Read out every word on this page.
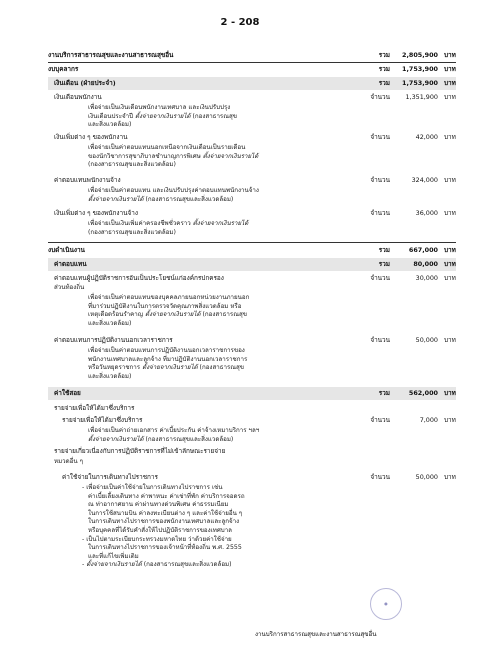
2 - 208
งานบริการสาธารณสุขและงานสาธารณสุขอื่น	รวม	2,805,900 บาท
งบบุคลากร	รวม	1,753,900 บาท
เงินเดือน (ฝ่ายประจำ)	รวม	1,753,900 บาท
เงินเดือนพนักงาน	จำนวน	1,351,900 บาท
เพื่อจ่ายเป็นเงินเดือนพนักงานเทศบาล และเงินปรับปรุง
เงินเดือนประจำปี ตั้งจ่ายจากเงินรายได้ (กองสาธารณสุข
และสิ่งแวดล้อม)
เงินเพิ่มต่าง ๆ ของพนักงาน	จำนวน	42,000 บาท
เพื่อจ่ายเป็นค่าตอบแทนนอกเหนือจากเงินเดือนเป็นรายเดือน
ของนักวิชาการสุขาภิบาลชำนาญการพิเศษ ตั้งจ่ายจากเงินรายได้
(กองสาธารณสุขและสิ่งแวดล้อม)
ค่าตอบแทนพนักงานจ้าง	จำนวน	324,000 บาท
เพื่อจ่ายเป็นค่าตอบแทน และเงินปรับปรุงค่าตอบแทนพนักงานจ้าง
ตั้งจ่ายจากเงินรายได้ (กองสาธารณสุขและสิ่งแวดล้อม)
เงินเพิ่มต่าง ๆ ของพนักงานจ้าง	จำนวน	36,000 บาท
เพื่อจ่ายเป็นเงินเพิ่มค่าครองชีพชั่วคราว ตั้งจ่ายจากเงินรายได้
(กองสาธารณสุขและสิ่งแวดล้อม)
งบดำเนินงาน	รวม	667,000 บาท
ค่าตอบแทน	รวม	80,000 บาท
ค่าตอบแทนผู้ปฏิบัติราชการอันเป็นประโยชน์แก่องค์กรปกครอง	จำนวน	30,000 บาท
ส่วนท้องถิ่น
เพื่อจ่ายเป็นค่าตอบแทนของบุคคลภายนอกหน่วยงานภายนอก
ที่มาร่วมปฏิบัติงานในการตรวจวัดคุณภาพสิ่งแวดล้อม หรือ
เหตุเดือดร้อนรำคาญ ตั้งจ่ายจากเงินรายได้ (กองสาธารณสุข
และสิ่งแวดล้อม)
ค่าตอบแทนการปฏิบัติงานนอกเวลาราชการ	จำนวน	50,000 บาท
เพื่อจ่ายเป็นค่าตอบแทนการปฏิบัติงานนอกเวลาราชการของ
พนักงานเทศบาลและลูกจ้าง ที่มาปฏิบัติงานนอกเวลาราชการ
หรือวันหยุดราชการ ตั้งจ่ายจากเงินรายได้ (กองสาธารณสุข
และสิ่งแวดล้อม)
ค่าใช้สอย	รวม	562,000 บาท
รายจ่ายเพื่อให้ได้มาซึ่งบริการ
รายจ่ายเพื่อให้ได้มาซึ่งบริการ	จำนวน	7,000 บาท
เพื่อจ่ายเป็นค่าถ่ายเอกสาร ค่าเบี้ยประกัน ค่าจ้างเหมาบริการ ฯลฯ
ตั้งจ่ายจากเงินรายได้ (กองสาธารณสุขและสิ่งแวดล้อม)
รายจ่ายเกี่ยวเนื่องกับการปฏิบัติราชการที่ไม่เข้าลักษณะรายจ่าย
หมวดอื่น ๆ
ค่าใช้จ่ายในการเดินทางไปราชการ	จำนวน	50,000 บาท
- เพื่อจ่ายเป็นค่าใช้จ่ายในการเดินทางไปราชการ เช่น
ค่าเบี้ยเลี้ยงเดินทาง ค่าพาหนะ ค่าเช่าที่พัก ค่าบริการจอดรถ
ณ ท่าอากาศยาน ค่าผ่านทางด่วนพิเศษ ค่าธรรมเนียม
ในการใช้สนามบิน ค่าลงทะเบียนต่าง ๆ และค่าใช้จ่ายอื่น ๆ
ในการเดินทางไปราชการของพนักงานเทศบาลและลูกจ้าง
หรือบุคคลที่ได้รับคำสั่งให้ไปปฏิบัติราชการของเทศบาล
- เป็นไปตามระเบียบกระทรวงมหาดไทย ว่าด้วยค่าใช้จ่าย
ในการเดินทางไปราชการของเจ้าหน้าที่ท้องถิ่น พ.ศ. 2555
และที่แก้ไขเพิ่มเติม
- ตั้งจ่ายจากเงินรายได้ (กองสาธารณสุขและสิ่งแวดล้อม)
●
งานบริการสาธารณสุขและงานสาธารณสุขอื่น
